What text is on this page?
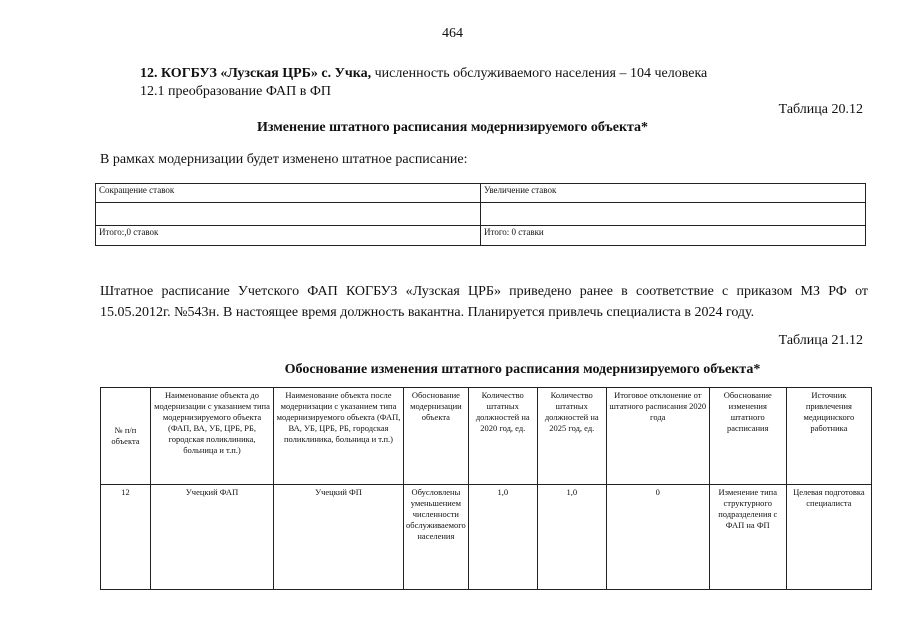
464
12. КОГБУЗ «Лузская ЦРБ» с. Учка, численность обслуживаемого населения – 104 человека
12.1 преобразование ФАП в ФП
Таблица 20.12
Изменение штатного расписания модернизируемого объекта*
В рамках модернизации будет изменено штатное расписание:
Сокращение ставок	Увеличение ставок

Итого:,0 ставок	Итого: 0 ставки
Штатное расписание Учетского ФАП КОГБУЗ «Лузская ЦРБ» приведено ранее в соответствие с приказом МЗ РФ от 15.05.2012г. №543н. В настоящее время должность вакантна. Планируется привлечь специалиста в 2024 году.
Таблица 21.12
Обоснование изменения штатного расписания модернизируемого объекта*
№ п/п объекта	Наименование объекта до модернизации с указанием типа модернизируемого объекта (ФАП, ВА, УБ, ЦРБ, РБ, городская поликлиника, больница и т.п.)	Наименование объекта после модернизации с указанием типа модернизируемого объекта (ФАП, ВА, УБ, ЦРБ, РБ, городская поликлиника, больница и т.п.)	Обоснование модернизации объекта	Количество штатных должностей на 2020 год, ед.	Количество штатных должностей на 2025 год, ед.	Итоговое отклонение от штатного расписания 2020 года	Обоснование изменения штатного расписания	Источник привлечения медицинского работника
12	Учецкий ФАП	Учецкий ФП	Обусловлены уменьшением численности обслуживаемого населения	1,0	1,0	0	Изменение типа структурного подразделения с ФАП на ФП	Целевая подготовка специалиста
